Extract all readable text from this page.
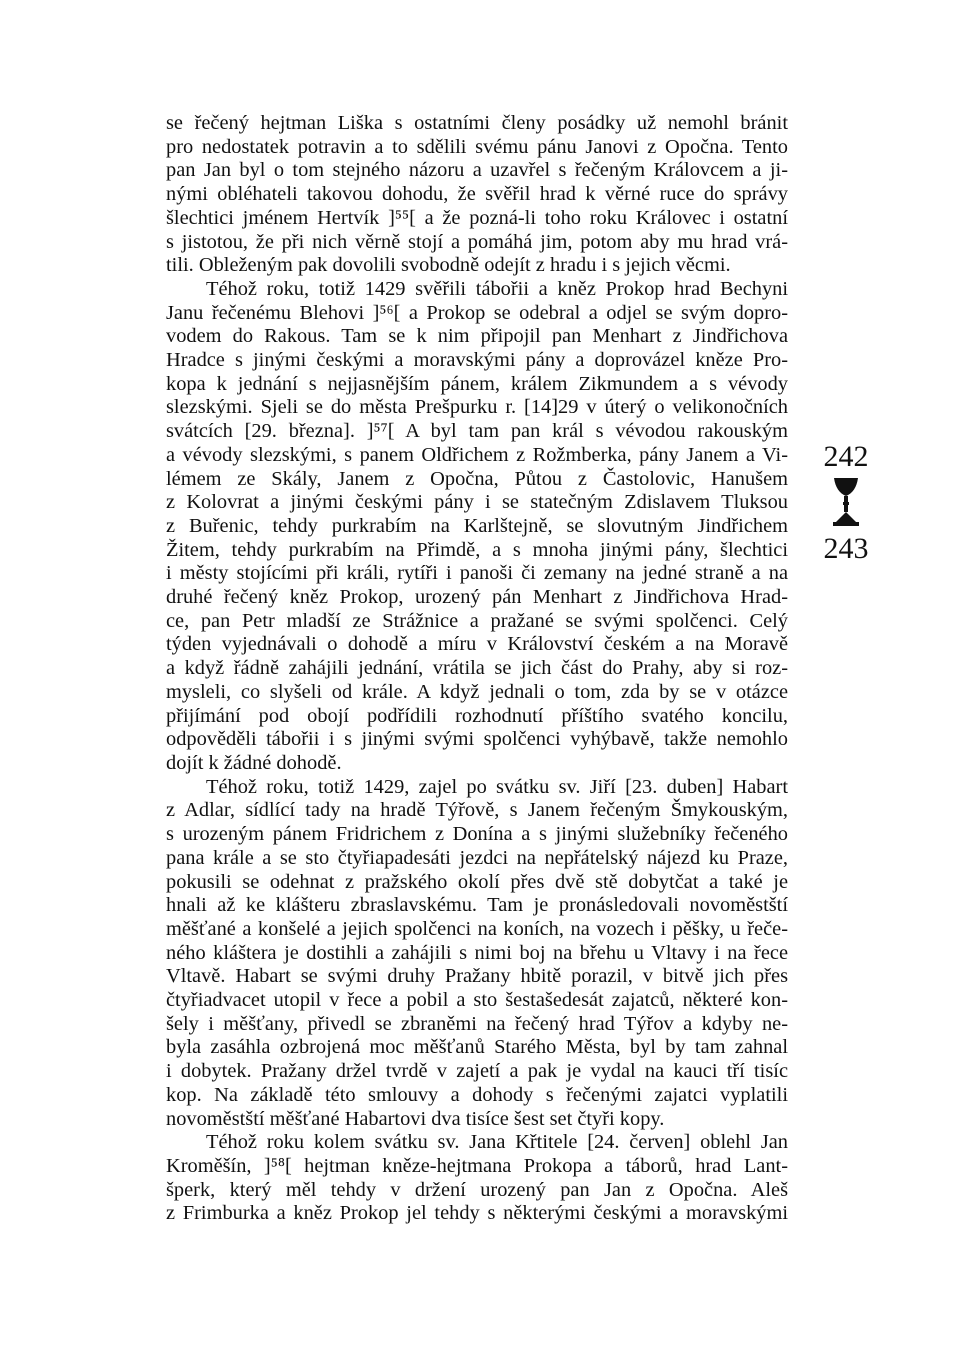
se řečený hejtman Liška s ostatními členy posádky už nemohl bránit
pro nedostatek potravin a to sdělili svému pánu Janovi z Opočna. Tento
pan Jan byl o tom stejného názoru a uzavřel s řečeným Královcem a ji-
nými obléhateli takovou dohodu, že svěřil hrad k věrné ruce do správy
šlechtici jménem Hertvík ]⁵⁵[ a že pozná-li toho roku Královec i ostatní
s jistotou, že při nich věrně stojí a pomáhá jim, potom aby mu hrad vrá-
tili. Obleženým pak dovolili svobodně odejít z hradu i s jejich věcmi.
Téhož roku, totiž 1429 svěřili tábořii a kněz Prokop hrad Bechyni
Janu řečenému Blehovi ]⁵⁶[ a Prokop se odebral a odjel se svým dopro-
vodem do Rakous. Tam se k nim připojil pan Menhart z Jindřichova
Hradce s jinými českými a moravskými pány a doprovázel kněze Pro-
kopa k jednání s nejjasnějším pánem, králem Zikmundem a s vévody
slezskými. Sjeli se do města Prešpurku r. [14]29 v úterý o velikonočních
svátcích [29. března]. ]⁵⁷[ A byl tam pan král s vévodou rakouským
a vévody slezskými, s panem Oldřichem z Rožmberka, pány Janem a Vi-
lémem ze Skály, Janem z Opočna, Půtou z Častolovic, Hanušem
z Kolovrat a jinými českými pány i se statečným Zdislavem Tluksou
z Buřenic, tehdy purkrabím na Karlštejně, se slovutným Jindřichem
Žitem, tehdy purkrabím na Přimdě, a s mnoha jinými pány, šlechtici
i městy stojícími při králi, rytíři i panoši či zemany na jedné straně a na
druhé řečený kněz Prokop, urozený pán Menhart z Jindřichova Hrad-
ce, pan Petr mladší ze Strážnice a pražané se svými spolčenci. Celý
týden vyjednávali o dohodě a míru v Království českém a na Moravě
a když řádně zahájili jednání, vrátila se jich část do Prahy, aby si roz-
mysleli, co slyšeli od krále. A když jednali o tom, zda by se v otázce
přijímání pod obojí podřídili rozhodnutí příštího svatého koncilu,
odpověděli tábořii i s jinými svými spolčenci vyhýbavě, takže nemohlo
dojít k žádné dohodě.
Téhož roku, totiž 1429, zajel po svátku sv. Jiří [23. duben] Habart
z Adlar, sídlící tady na hradě Týřově, s Janem řečeným Šmykouským,
s urozeným pánem Fridrichem z Donína a s jinými služebníky řečeného
pana krále a se sto čtyřiapadesáti jezdci na nepřátelský nájezd ku Praze,
pokusili se odehnat z pražského okolí přes dvě stě dobytčat a také je
hnali až ke klášteru zbraslavskému. Tam je pronásledovali novoměstští
měšťané a konšelé a jejich spolčenci na koních, na vozech i pěšky, u řeče-
ného kláštera je dostihli a zahájili s nimi boj na břehu u Vltavy i na řece
Vltavě. Habart se svými druhy Pražany hbitě porazil, v bitvě jich přes
čtyřiadvacet utopil v řece a pobil a sto šestašedesát zajatců, některé kon-
šely i měšťany, přivedl se zbraněmi na řečený hrad Týřov a kdyby ne-
byla zasáhla ozbrojená moc měšťanů Starého Města, byl by tam zahnal
i dobytek. Pražany držel tvrdě v zajetí a pak je vydal na kauci tří tisíc
kop. Na základě této smlouvy a dohody s řečenými zajatci vyplatili
novoměstští měšťané Habartovi dva tisíce šest set čtyři kopy.
Téhož roku kolem svátku sv. Jana Křtitele [24. červen] oblehl Jan
Kroměšín, ]⁵⁸[ hejtman kněze-hejtmana Prokopa a táborů, hrad Lant-
šperk, který měl tehdy v držení urozený pan Jan z Opočna. Aleš
z Frimburka a kněz Prokop jel tehdy s některými českými a moravskými
242
243
